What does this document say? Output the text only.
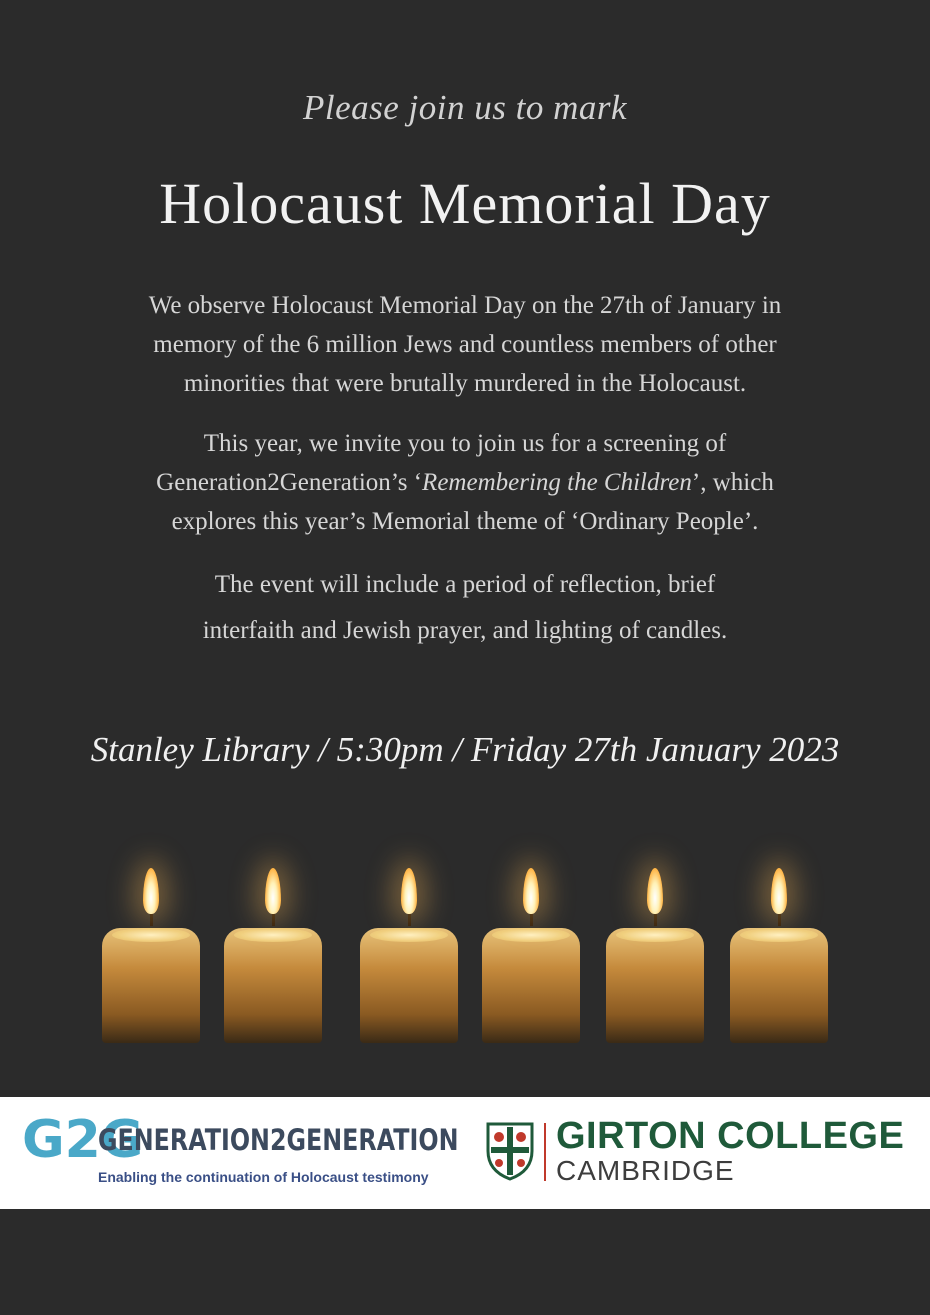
Please join us to mark
Holocaust Memorial Day
We observe Holocaust Memorial Day on the 27th of January in
memory of the 6 million Jews and countless members of other
minorities that were brutally murdered in the Holocaust.
This year, we invite you to join us for a screening of
Generation2Generation’s ‘Remembering the Children’, which
explores this year’s Memorial theme of ‘Ordinary People’.
The event will include a period of reflection, brief
interfaith and Jewish prayer, and lighting of candles.
Stanley Library / 5:30pm / Friday 27th January 2023
G2G
GENERATION2GENERATION
Enabling the continuation of Holocaust testimony
GIRTON COLLEGE
CAMBRIDGE
